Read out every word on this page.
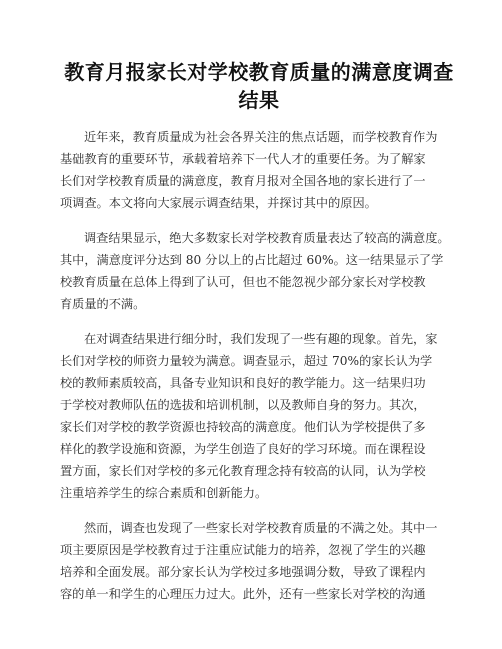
教育月报家长对学校教育质量的满意度调查
结果
近年来，教育质量成为社会各界关注的焦点话题，而学校教育作为
基础教育的重要环节，承载着培养下一代人才的重要任务。为了解家
长们对学校教育质量的满意度，教育月报对全国各地的家长进行了一
项调查。本文将向大家展示调查结果，并探讨其中的原因。
调查结果显示，绝大多数家长对学校教育质量表达了较高的满意度。
其中，满意度评分达到 80 分以上的占比超过 60%。这一结果显示了学
校教育质量在总体上得到了认可，但也不能忽视少部分家长对学校教
育质量的不满。
在对调查结果进行细分时，我们发现了一些有趣的现象。首先，家
长们对学校的师资力量较为满意。调查显示，超过 70%的家长认为学
校的教师素质较高，具备专业知识和良好的教学能力。这一结果归功
于学校对教师队伍的选拔和培训机制，以及教师自身的努力。其次，
家长们对学校的教学资源也持较高的满意度。他们认为学校提供了多
样化的教学设施和资源，为学生创造了良好的学习环境。而在课程设
置方面，家长们对学校的多元化教育理念持有较高的认同，认为学校
注重培养学生的综合素质和创新能力。
然而，调查也发现了一些家长对学校教育质量的不满之处。其中一
项主要原因是学校教育过于注重应试能力的培养，忽视了学生的兴趣
培养和全面发展。部分家长认为学校过多地强调分数，导致了课程内
容的单一和学生的心理压力过大。此外，还有一些家长对学校的沟通
